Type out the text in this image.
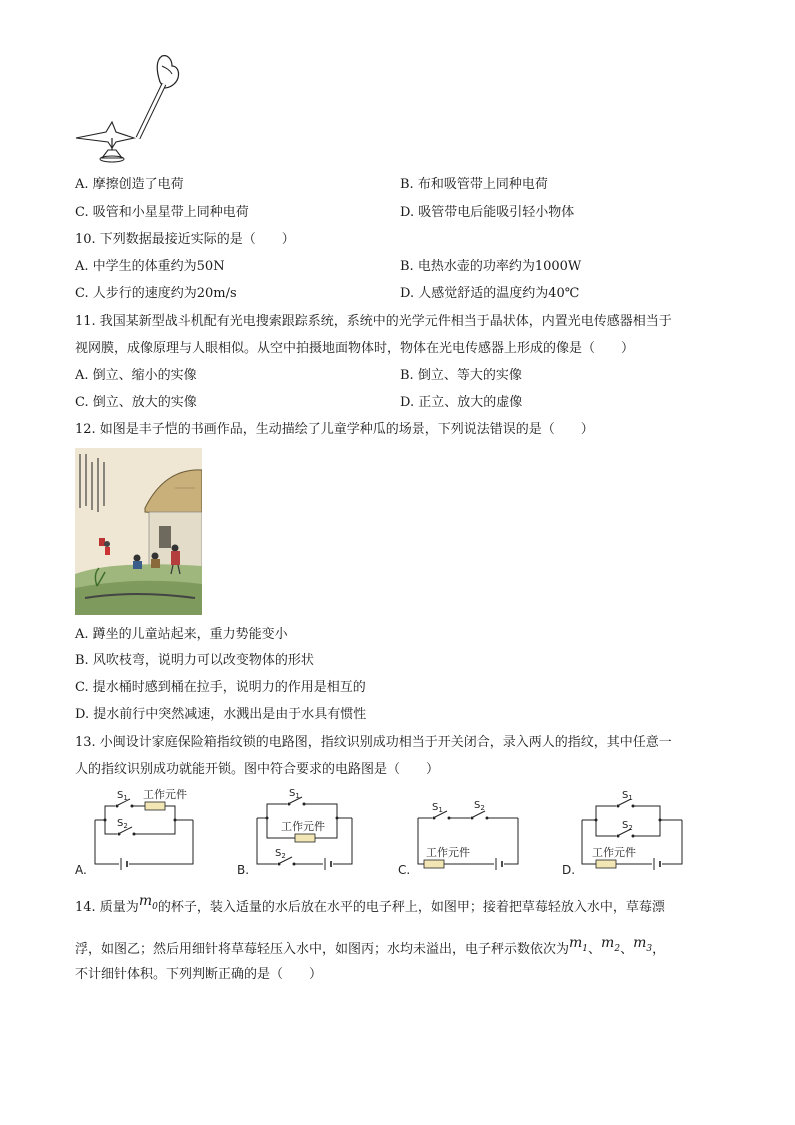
A. 摩擦创造了电荷	B. 布和吸管带上同种电荷
C. 吸管和小星星带上同种电荷	D. 吸管带电后能吸引轻小物体
10. 下列数据最接近实际的是（　　）
A. 中学生的体重约为50N	B. 电热水壶的功率约为1000W
C. 人步行的速度约为20m/s	D. 人感觉舒适的温度约为40℃
11. 我国某新型战斗机配有光电搜索跟踪系统，系统中的光学元件相当于晶状体，内置光电传感器相当于
视网膜，成像原理与人眼相似。从空中拍摄地面物体时，物体在光电传感器上形成的像是（　　）
A. 倒立、缩小的实像	B. 倒立、等大的实像
C. 倒立、放大的实像	D. 正立、放大的虚像
12. 如图是丰子恺的书画作品，生动描绘了儿童学种瓜的场景，下列说法错误的是（　　）
A. 蹲坐的儿童站起来，重力势能变小
B. 风吹枝弯，说明力可以改变物体的形状
C. 提水桶时感到桶在拉手，说明力的作用是相互的
D. 提水前行中突然减速，水溅出是由于水具有惯性
13. 小闽设计家庭保险箱指纹锁的电路图，指纹识别成功相当于开关闭合，录入两人的指纹，其中任意一
人的指纹识别成功就能开锁。图中符合要求的电路图是（　　）
A.
$S_1$ 工作元件
$S_2$
B.
$S_2$
$S_1$
工作元件
C.
工作元件
$S_1$	$S_2$
D.
工作元件
$S_1$
$S_2$
14. 质量为$m_0$的杯子，装入适量的水后放在水平的电子秤上，如图甲；接着把草莓轻放入水中，草莓漂
浮，如图乙；然后用细针将草莓轻压入水中，如图丙；水均未溢出，电子秤示数依次为$m_1$、$m_2$、$m_3$，
不计细针体积。下列判断正确的是（　　）
